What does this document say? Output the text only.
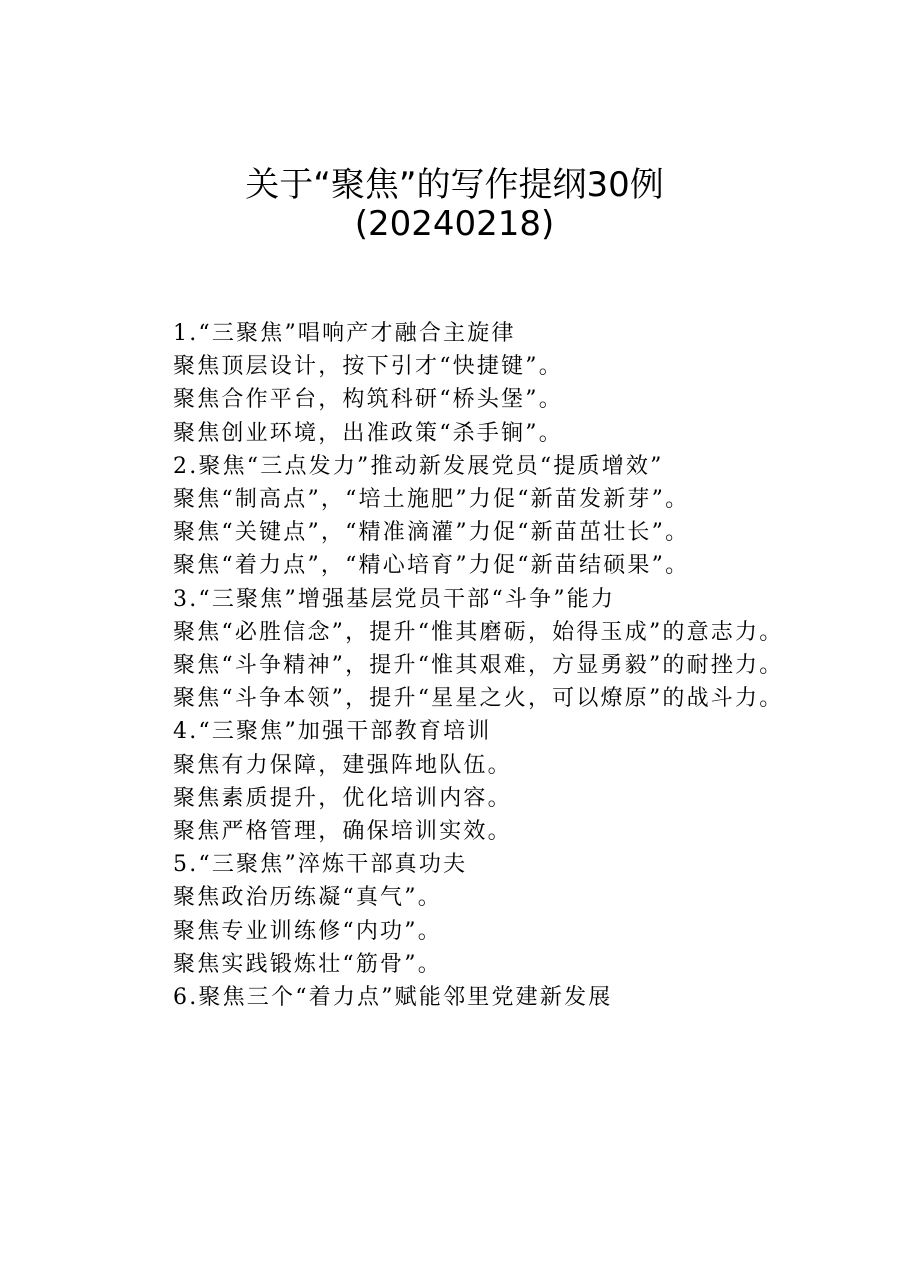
关于“聚焦”的写作提纲30例
(20240218)

1.“三聚焦”唱响产才融合主旋律

聚焦顶层设计，按下引才“快捷键”。

聚焦合作平台，构筑科研“桥头堡”。

聚焦创业环境，出准政策“杀手锏”。

2.聚焦“三点发力”推动新发展党员“提质增效”

聚焦“制高点”，“培土施肥”力促“新苗发新芽”。

聚焦“关键点”，“精准滴灌”力促“新苗茁壮长”。

聚焦“着力点”，“精心培育”力促“新苗结硕果”。

3.“三聚焦”增强基层党员干部“斗争”能力

聚焦“必胜信念”，提升“惟其磨砺，始得玉成”的意志力。

聚焦“斗争精神”，提升“惟其艰难，方显勇毅”的耐挫力。

聚焦“斗争本领”，提升“星星之火，可以燎原”的战斗力。

4.“三聚焦”加强干部教育培训

聚焦有力保障，建强阵地队伍。

聚焦素质提升，优化培训内容。

聚焦严格管理，确保培训实效。

5.“三聚焦”淬炼干部真功夫

聚焦政治历练凝“真气”。

聚焦专业训练修“内功”。

聚焦实践锻炼壮“筋骨”。

6.聚焦三个“着力点”赋能邻里党建新发展
